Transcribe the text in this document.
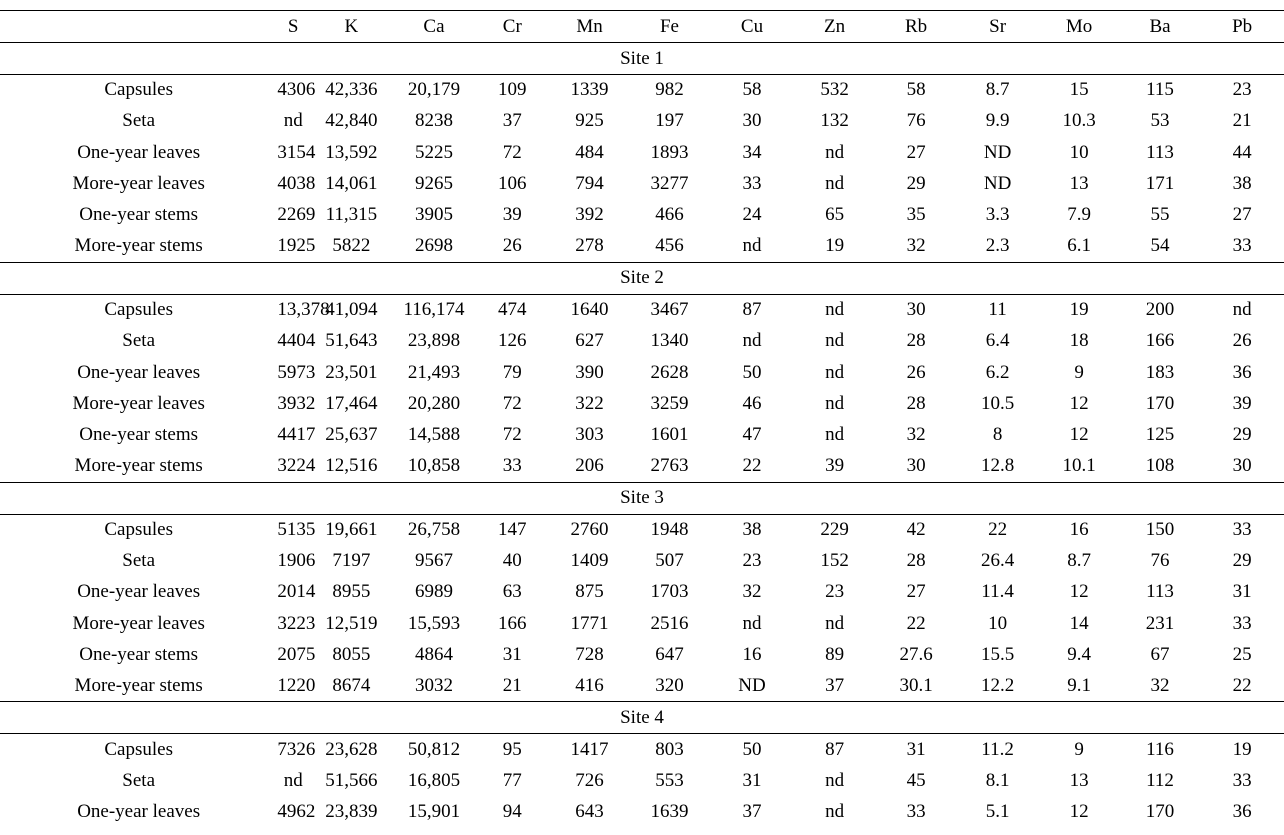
	S	K	Ca	Cr	Mn	Fe	Cu	Zn	Rb	Sr	Mo	Ba	Pb
Site 1													
Capsules	4306	42,336	20,179	109	1339	982	58	532	58	8.7	15	115	23
Seta	nd	42,840	8238	37	925	197	30	132	76	9.9	10.3	53	21
One-year leaves	3154	13,592	5225	72	484	1893	34	nd	27	ND	10	113	44
More-year leaves	4038	14,061	9265	106	794	3277	33	nd	29	ND	13	171	38
One-year stems	2269	11,315	3905	39	392	466	24	65	35	3.3	7.9	55	27
More-year stems	1925	5822	2698	26	278	456	nd	19	32	2.3	6.1	54	33
Site 2													
Capsules	13,378	41,094	116,174	474	1640	3467	87	nd	30	11	19	200	nd
Seta	4404	51,643	23,898	126	627	1340	nd	nd	28	6.4	18	166	26
One-year leaves	5973	23,501	21,493	79	390	2628	50	nd	26	6.2	9	183	36
More-year leaves	3932	17,464	20,280	72	322	3259	46	nd	28	10.5	12	170	39
One-year stems	4417	25,637	14,588	72	303	1601	47	nd	32	8	12	125	29
More-year stems	3224	12,516	10,858	33	206	2763	22	39	30	12.8	10.1	108	30
Site 3													
Capsules	5135	19,661	26,758	147	2760	1948	38	229	42	22	16	150	33
Seta	1906	7197	9567	40	1409	507	23	152	28	26.4	8.7	76	29
One-year leaves	2014	8955	6989	63	875	1703	32	23	27	11.4	12	113	31
More-year leaves	3223	12,519	15,593	166	1771	2516	nd	nd	22	10	14	231	33
One-year stems	2075	8055	4864	31	728	647	16	89	27.6	15.5	9.4	67	25
More-year stems	1220	8674	3032	21	416	320	ND	37	30.1	12.2	9.1	32	22
Site 4													
Capsules	7326	23,628	50,812	95	1417	803	50	87	31	11.2	9	116	19
Seta	nd	51,566	16,805	77	726	553	31	nd	45	8.1	13	112	33
One-year leaves	4962	23,839	15,901	94	643	1639	37	nd	33	5.1	12	170	36
